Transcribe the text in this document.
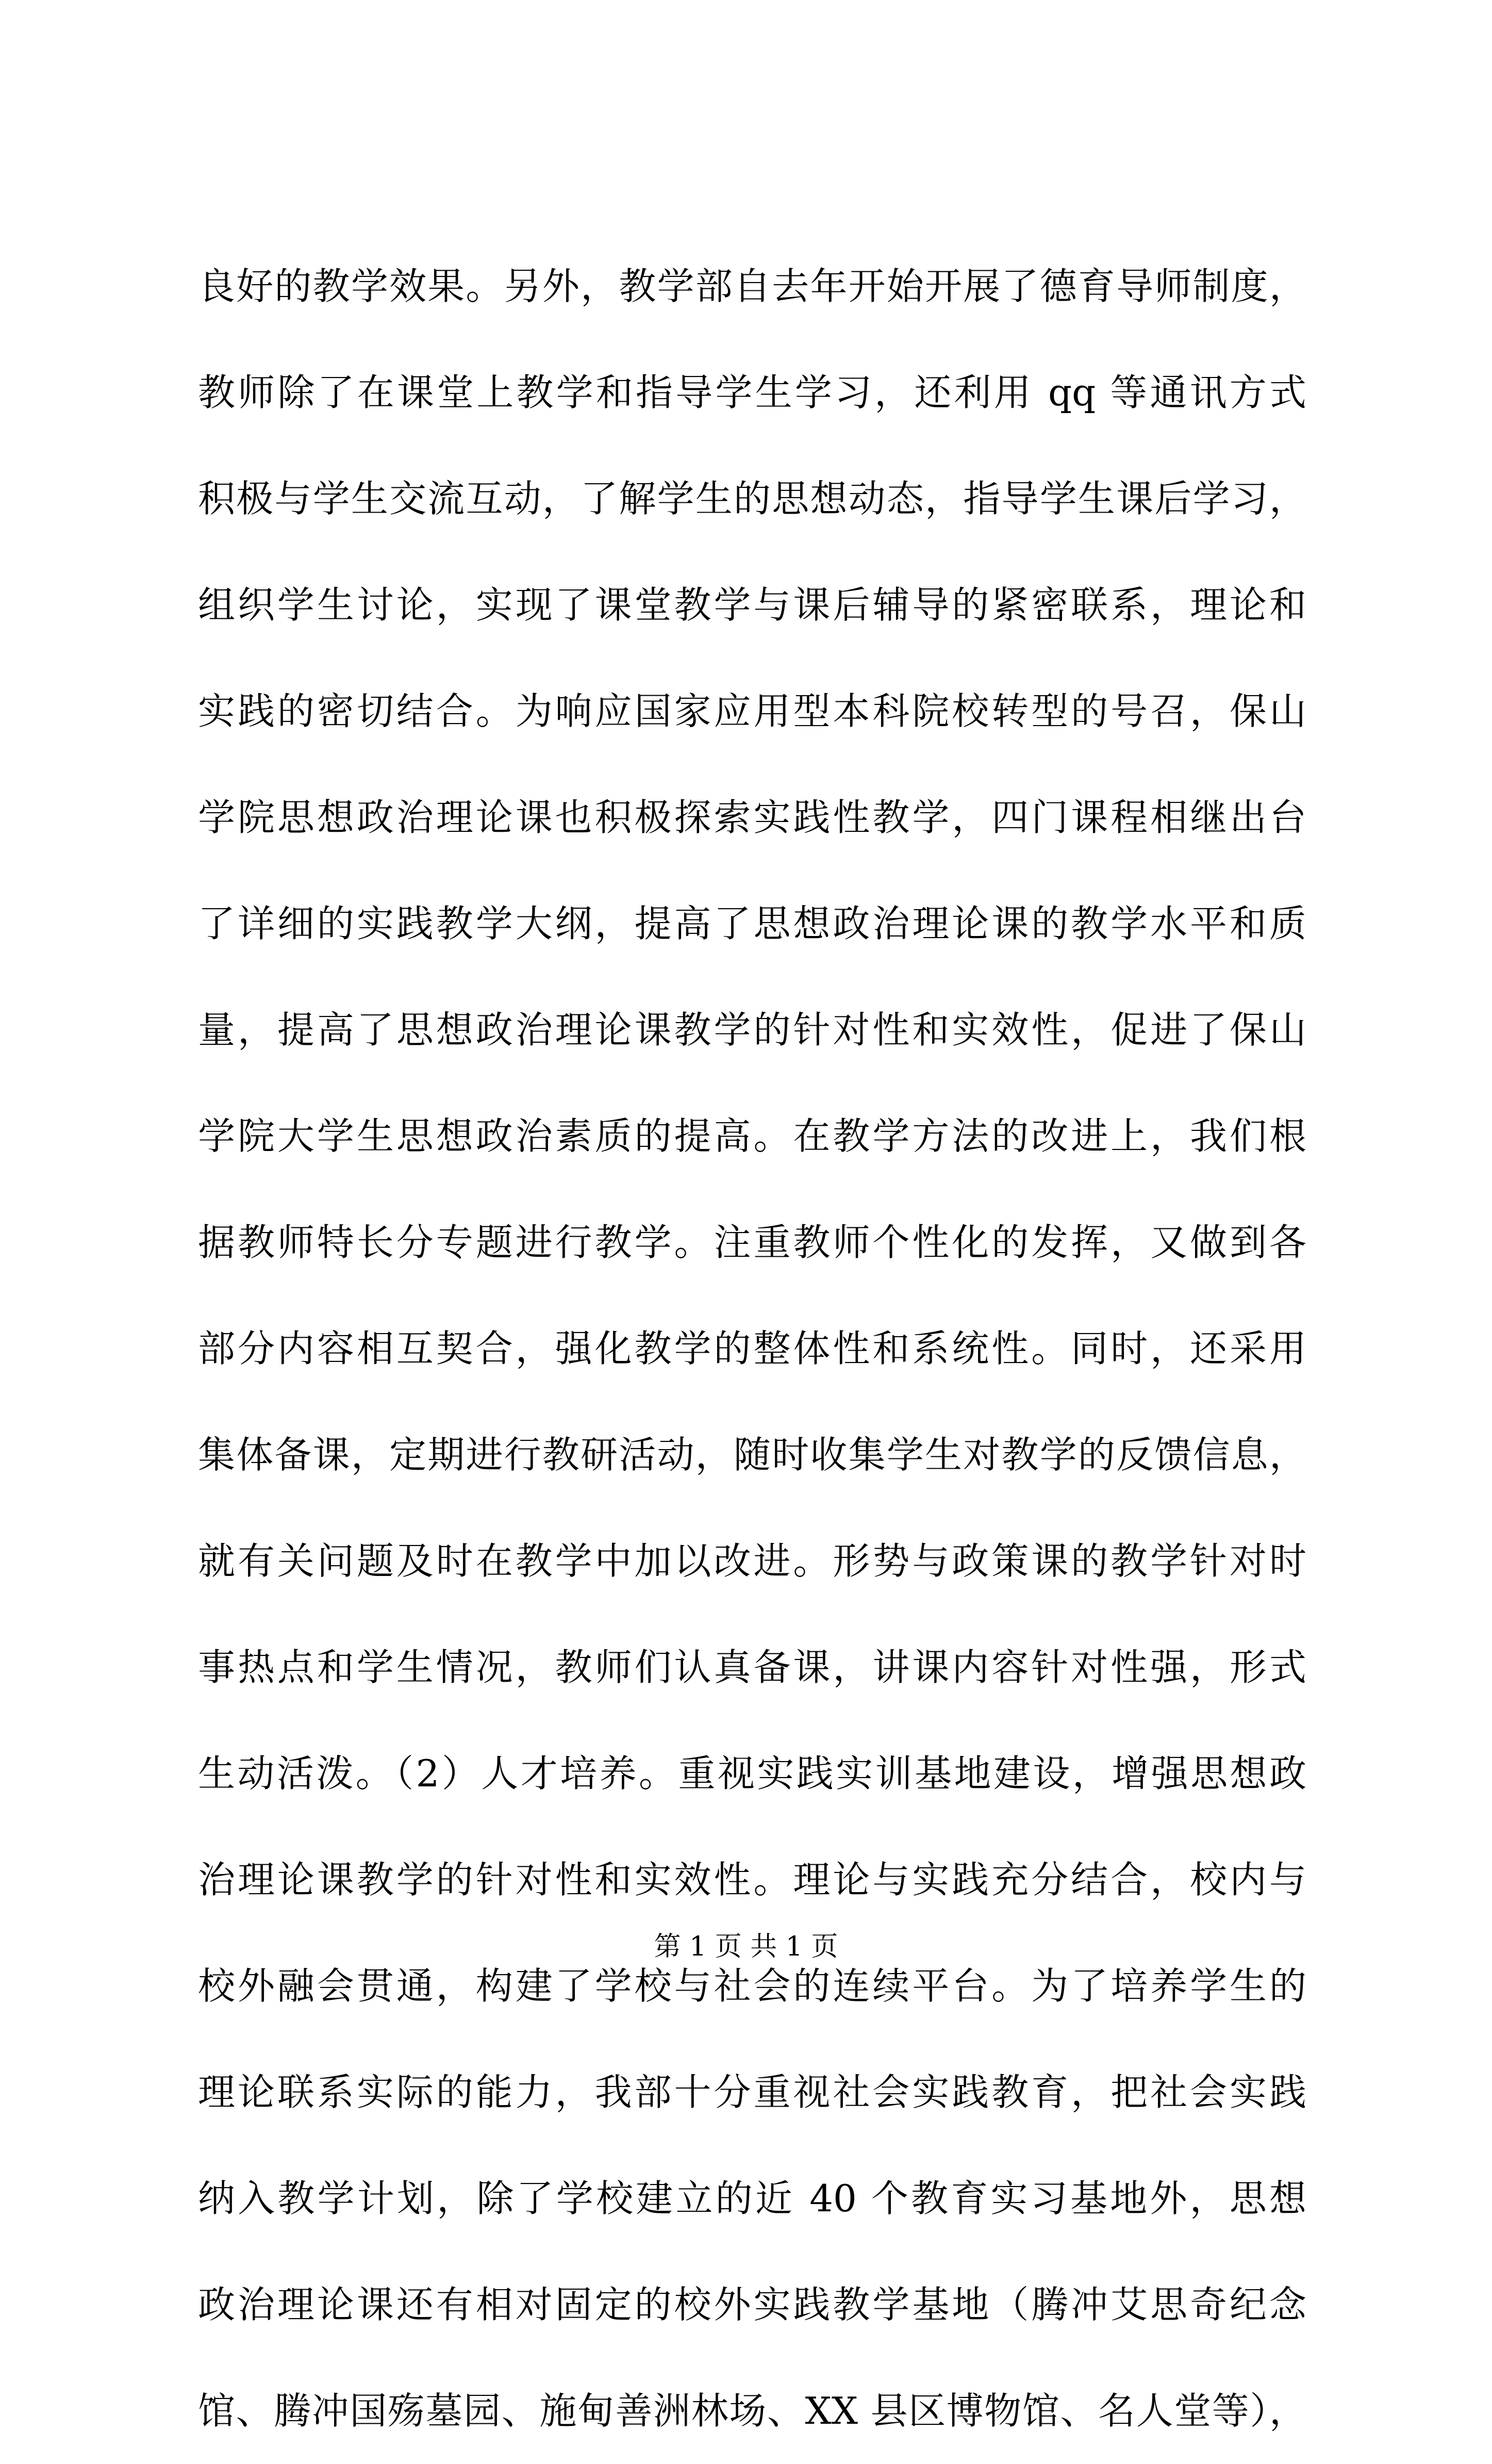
良好的教学效果。另外，教学部自去年开始开展了德育导师制度，
教师除了在课堂上教学和指导学生学习，还利用 qq 等通讯方式
积极与学生交流互动，了解学生的思想动态，指导学生课后学习，
组织学生讨论，实现了课堂教学与课后辅导的紧密联系，理论和
实践的密切结合。为响应国家应用型本科院校转型的号召，保山
学院思想政治理论课也积极探索实践性教学，四门课程相继出台
了详细的实践教学大纲，提高了思想政治理论课的教学水平和质
量，提高了思想政治理论课教学的针对性和实效性，促进了保山
学院大学生思想政治素质的提高。在教学方法的改进上，我们根
据教师特长分专题进行教学。注重教师个性化的发挥，又做到各
部分内容相互契合，强化教学的整体性和系统性。同时，还采用
集体备课，定期进行教研活动，随时收集学生对教学的反馈信息，
就有关问题及时在教学中加以改进。形势与政策课的教学针对时
事热点和学生情况，教师们认真备课，讲课内容针对性强，形式
生动活泼。（2）人才培养。重视实践实训基地建设，增强思想政
治理论课教学的针对性和实效性。理论与实践充分结合，校内与
校外融会贯通，构建了学校与社会的连续平台。为了培养学生的
理论联系实际的能力，我部十分重视社会实践教育，把社会实践
纳入教学计划，除了学校建立的近 40 个教育实习基地外，思想
政治理论课还有相对固定的校外实践教学基地（腾冲艾思奇纪念
馆、腾冲国殇墓园、施甸善洲林场、XX 县区博物馆、名人堂等），
第 1 页 共 1 页
